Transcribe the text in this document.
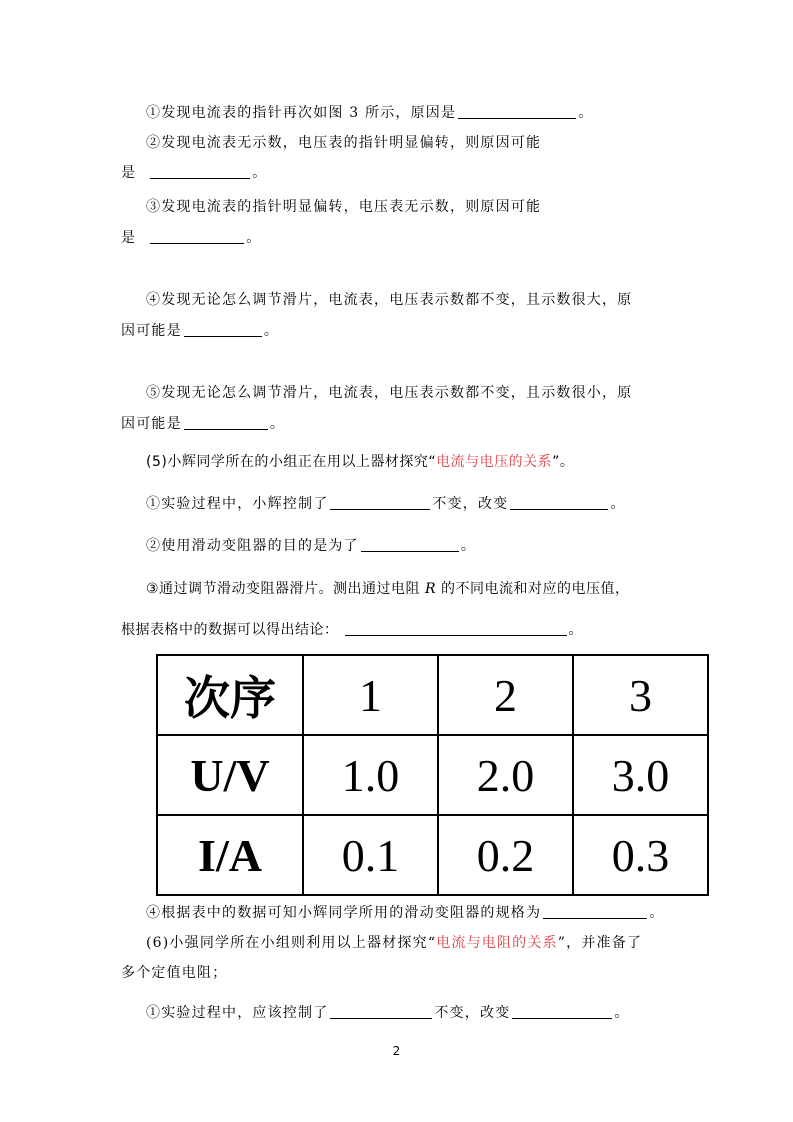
①发现电流表的指针再次如图 3 所示，原因是	。
②发现电流表无示数，电压表的指针明显偏转，则原因可能
是	。
③发现电流表的指针明显偏转，电压表无示数，则原因可能
是	。
④发现无论怎么调节滑片，电流表，电压表示数都不变，且示数很大，原
因可能是	。
⑤发现无论怎么调节滑片，电流表，电压表示数都不变，且示数很小，原
因可能是	。
(5)小辉同学所在的小组正在用以上器材探究“电流与电压的关系”。
①实验过程中，小辉控制了	不变，改变	。
②使用滑动变阻器的目的是为了	。
③通过调节滑动变阻器滑片。测出通过电阻 R 的不同电流和对应的电压值，
根据表格中的数据可以得出结论：	。
次序	1	2	3
U/V	1.0	2.0	3.0
I/A	0.1	0.2	0.3
④根据表中的数据可知小辉同学所用的滑动变阻器的规格为	。
(6)小强同学所在小组则利用以上器材探究“电流与电阻的关系”，并准备了
多个定值电阻；
①实验过程中，应该控制了	不变，改变	。
2
